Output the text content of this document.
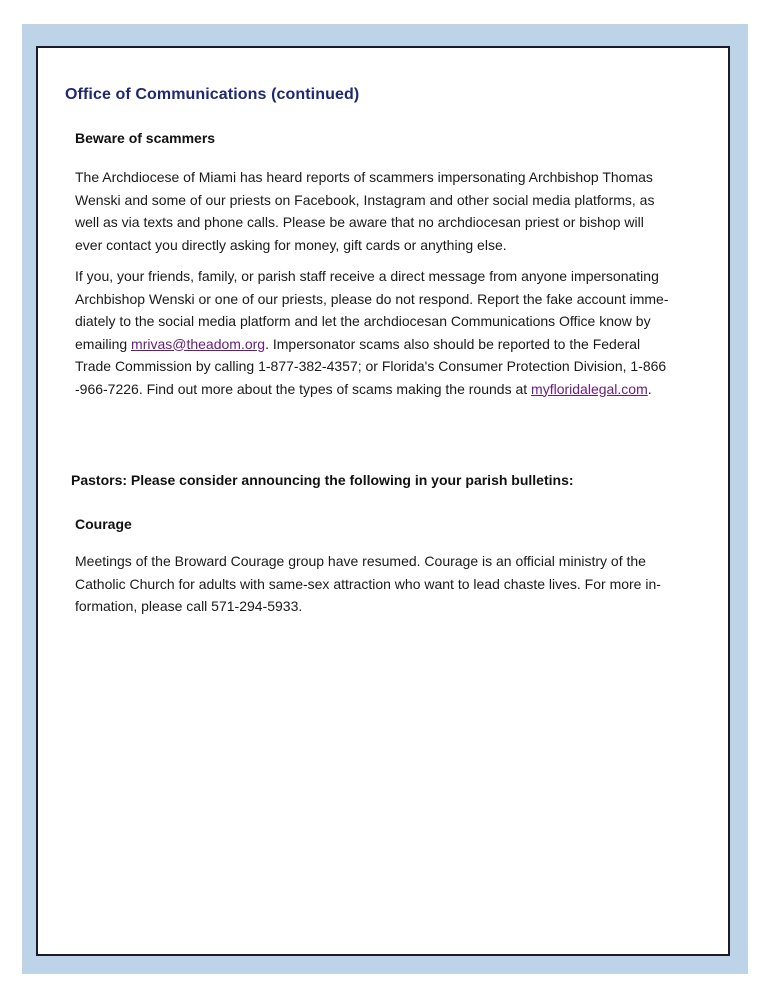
Office of Communications (continued)
Beware of scammers
The Archdiocese of Miami has heard reports of scammers impersonating Archbishop Thomas
Wenski and some of our priests on Facebook, Instagram and other social media platforms, as
well as via texts and phone calls. Please be aware that no archdiocesan priest or bishop will
ever contact you directly asking for money, gift cards or anything else.
If you, your friends, family, or parish staff receive a direct message from anyone impersonating
Archbishop Wenski or one of our priests, please do not respond. Report the fake account imme-
diately to the social media platform and let the archdiocesan Communications Office know by
emailing mrivas@theadom.org. Impersonator scams also should be reported to the Federal
Trade Commission by calling 1-877-382-4357; or Florida's Consumer Protection Division, 1-866
-966-7226. Find out more about the types of scams making the rounds at myfloridalegal.com.
Pastors: Please consider announcing the following in your parish bulletins:
Courage
Meetings of the Broward Courage group have resumed. Courage is an official ministry of the
Catholic Church for adults with same-sex attraction who want to lead chaste lives. For more in-
formation, please call 571-294-5933.
